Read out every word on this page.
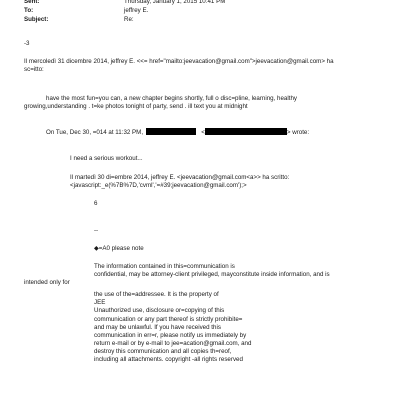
Sent:	Thursday, January 1, 2015 10:41 PM
To:	jeffrey E.
Subject:	Re:
-3
Il mercoledì 31 dicembre 2014, jeffrey E. <<= href="mailto:jeevacation@gmail.com">jeevacation@gmail.com> ha
sc=itto:
have the most fun=you can, a new chapter begins shortly, full o disc=pline, learning, healthy
growing,understanding . t=ke photos tonight of party, send . ill text you at midnight
On Tue, Dec 30, =014 at 11:32 PM,	<	> wrote:
I need a serious workout...
Il martedì 30 di=embre 2014, jeffrey E. <jeevacation@gmail.com<a>> ha scritto:
<javascript:_e(%7B%7D,'cvml','=#39;jeevacation@gmail.com');>
6
--
◆=A0 please note
The information contained in this=communication is
confidential, may be attorney-client privileged, mayconstitute inside information, and is
intended only for
the use of the=addressee. It is the property of
JEE
Unauthorized use, disclosure or=copying of this
communication or any part thereof is strictly prohibite=
and may be unlawful. If you have received this
communication in err=r, please notify us immediately by
return e-mail or by e-mail to jee=acation@gmail.com, and
destroy this communication and all copies th=reof,
including all attachments. copyright -all rights reserved
